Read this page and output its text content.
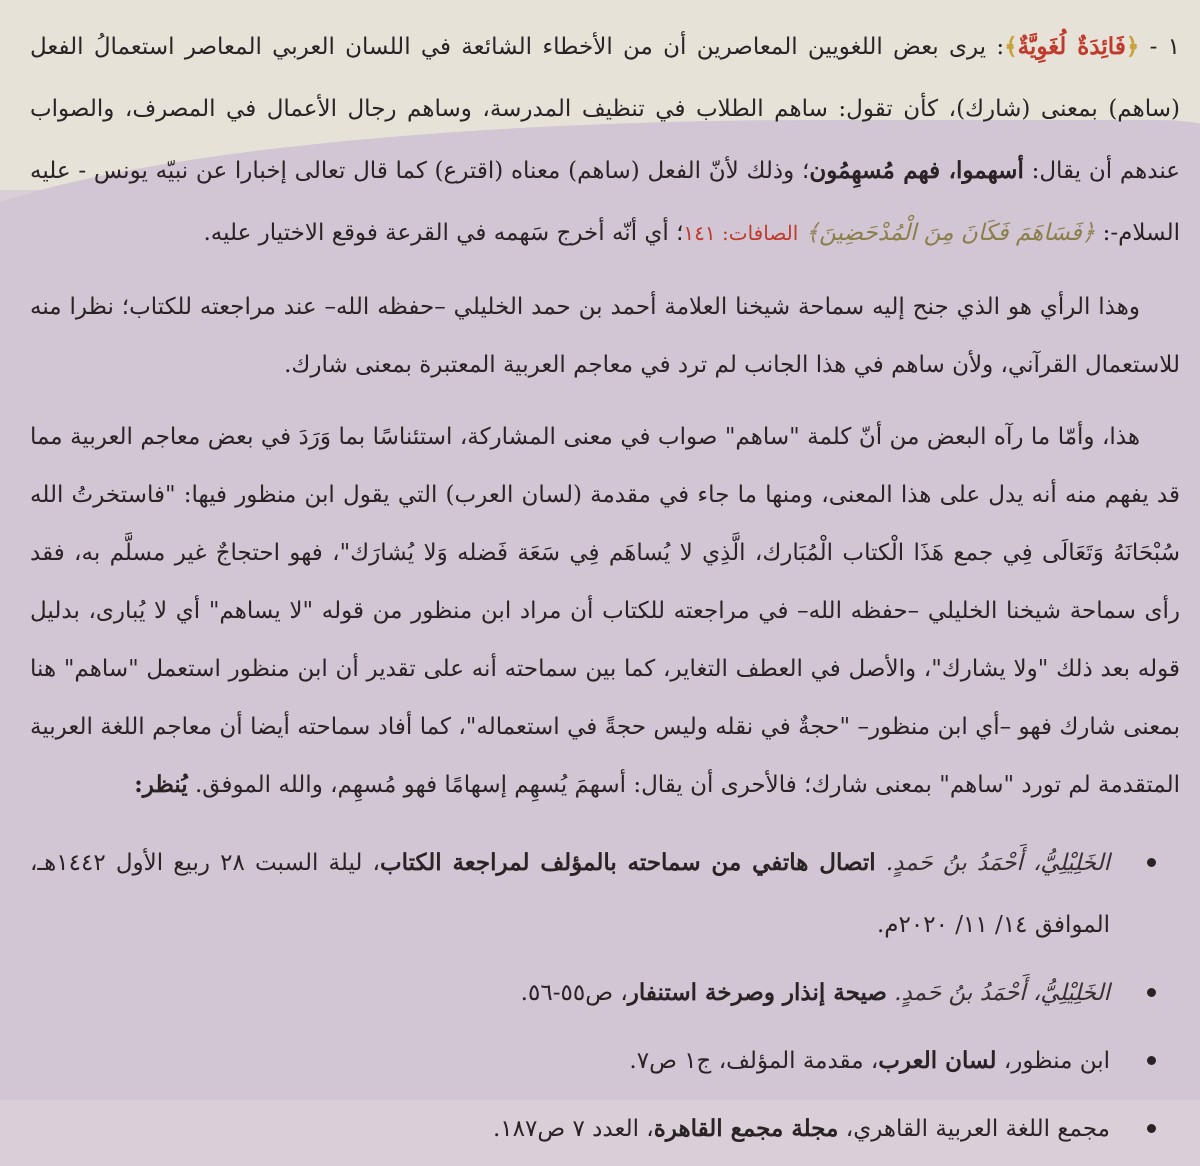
١ - ﴿فَائِدَةٌ لُغَوِيَّةٌ﴾: يرى بعض اللغويين المعاصرين أن من الأخطاء الشائعة في اللسان العربي المعاصر استعمالُ الفعل (ساهم) بمعنى (شارك)، كأن تقول: ساهم الطلاب في تنظيف المدرسة، وساهم رجال الأعمال في المصرف، والصواب عندهم أن يقال: أسهموا، فهم مُسهِمُون؛ وذلك لأنّ الفعل (ساهم) معناه (اقترع) كما قال تعالى إخبارا عن نبيّه يونس - عليه السلام-: ﴿فَسَاهَمَ فَكَانَ مِنَ الْمُدْحَضِينَ﴾ الصافات: ١٤١؛ أي أنّه أخرج سَهمه في القرعة فوقع الاختيار عليه.

وهذا الرأي هو الذي جنح إليه سماحة شيخنا العلامة أحمد بن حمد الخليلي –حفظه الله– عند مراجعته للكتاب؛ نظرا منه للاستعمال القرآني، ولأن ساهم في هذا الجانب لم ترد في معاجم العربية المعتبرة بمعنى شارك.

هذا، وأمّا ما رآه البعض من أنّ كلمة "ساهم" صواب في معنى المشاركة، استئناسًا بما وَرَدَ في بعض معاجم العربية مما قد يفهم منه أنه يدل على هذا المعنى، ومنها ما جاء في مقدمة (لسان العرب) التي يقول ابن منظور فيها: "فاستخرتُ الله سُبْحَانَهُ وَتَعَالَى فِي جمع هَذَا الْكتاب الْمُبَارك، الَّذِي لا يُساهَم فِي سَعَة فَضله وَلا يُشارَك"، فهو احتجاجٌ غير مسلَّم به، فقد رأى سماحة شيخنا الخليلي –حفظه الله– في مراجعته للكتاب أن مراد ابن منظور من قوله "لا يساهم" أي لا يُبارى، بدليل قوله بعد ذلك "ولا يشارك"، والأصل في العطف التغاير، كما بين سماحته أنه على تقدير أن ابن منظور استعمل "ساهم" هنا بمعنى شارك فهو –أي ابن منظور– "حجةٌ في نقله وليس حجةً في استعماله"، كما أفاد سماحته أيضا أن معاجم اللغة العربية المتقدمة لم تورد "ساهم" بمعنى شارك؛ فالأحرى أن يقال: أسهمَ يُسهِم إسهامًا فهو مُسهِم، والله الموفق. يُنظر:

الخَلِيْلِيُّ، أَحْمَدُ بنُ حَمدٍ. اتصال هاتفي من سماحته بالمؤلف لمراجعة الكتاب، ليلة السبت ٢٨ ربيع الأول ١٤٤٢هـ، الموافق ١٤/ ١١/ ٢٠٢٠م.
الخَلِيْلِيُّ، أَحْمَدُ بنُ حَمدٍ. صيحة إنذار وصرخة استنفار، ص٥٥-٥٦.
ابن منظور، لسان العرب، مقدمة المؤلف، ج١ ص٧.
مجمع اللغة العربية القاهري، مجلة مجمع القاهرة، العدد ٧ ص١٨٧.
